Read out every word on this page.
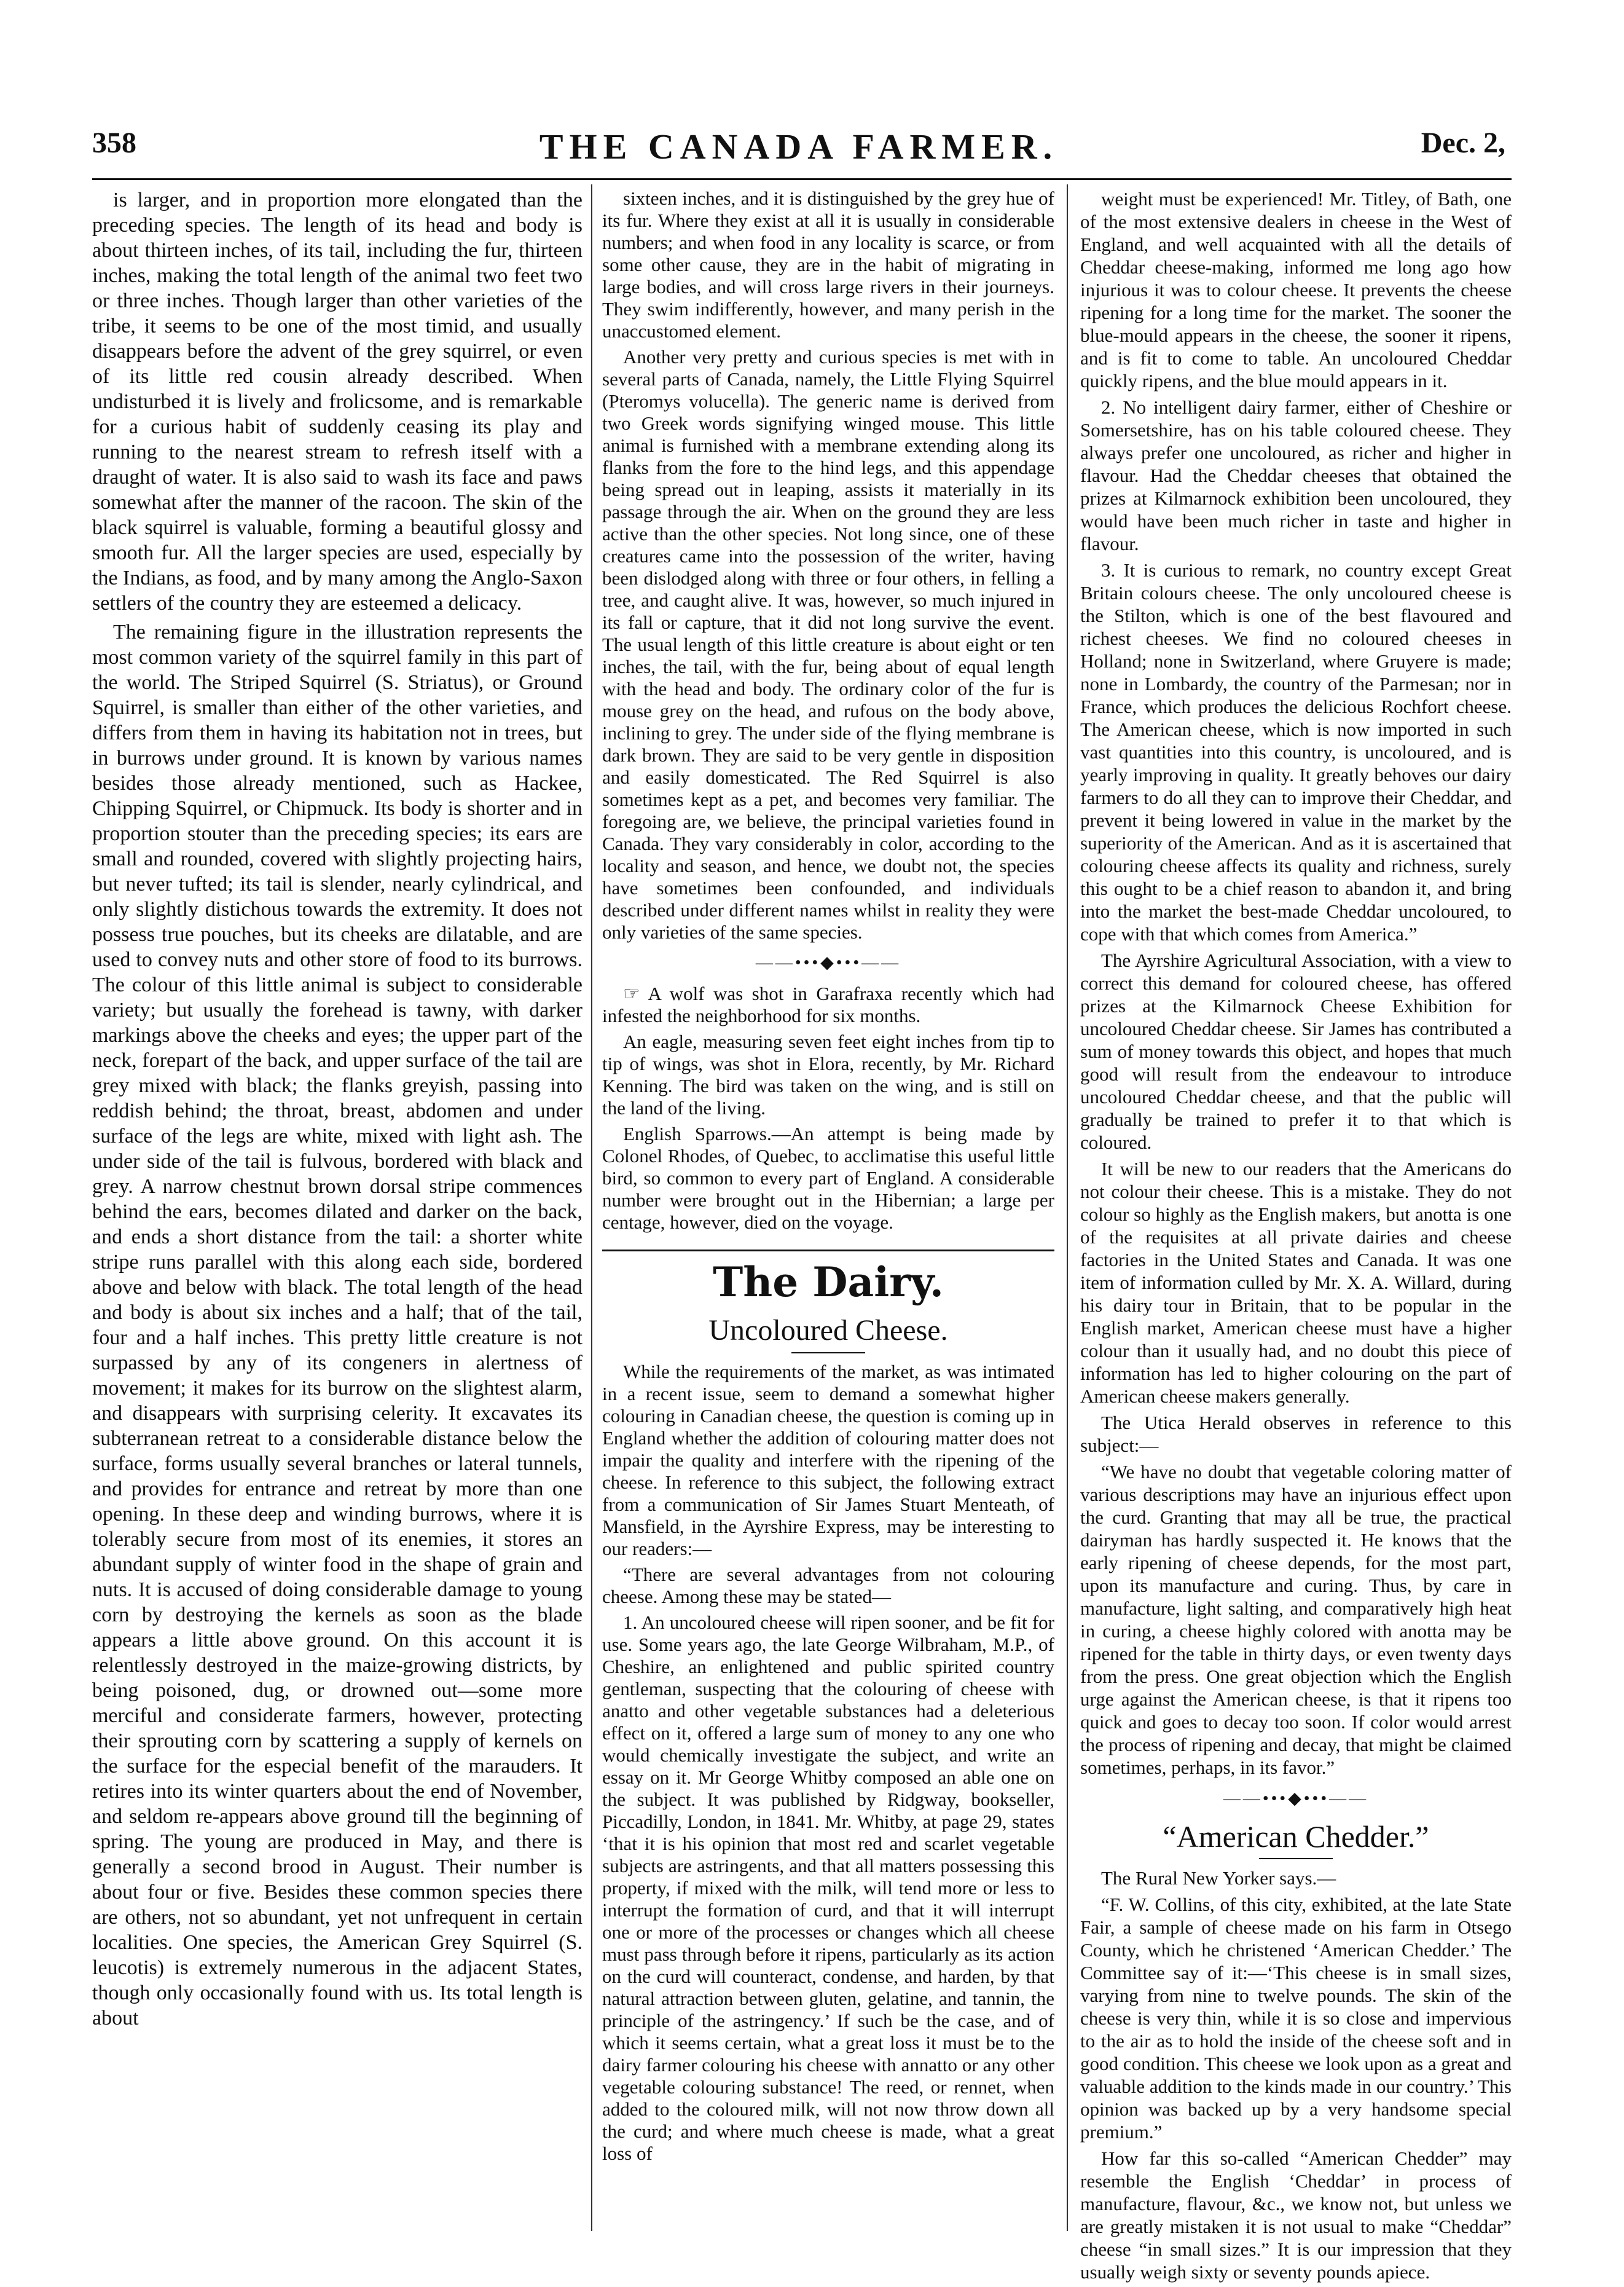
358	THE CANADA FARMER.	Dec. 2,

is larger, and in proportion more elongated than the preceding species. The length of its head and body is about thirteen inches, of its tail, including the fur, thirteen inches, making the total length of the animal two feet two or three inches. Though larger than other varieties of the tribe, it seems to be one of the most timid, and usually disappears before the advent of the grey squirrel, or even of its little red cousin already described. When undisturbed it is lively and frolicsome, and is remarkable for a curious habit of suddenly ceasing its play and running to the nearest stream to refresh itself with a draught of water. It is also said to wash its face and paws somewhat after the manner of the racoon. The skin of the black squirrel is valuable, forming a beautiful glossy and smooth fur. All the larger species are used, especially by the Indians, as food, and by many among the Anglo-Saxon settlers of the country they are esteemed a delicacy.

The remaining figure in the illustration represents the most common variety of the squirrel family in this part of the world. The Striped Squirrel (S. Striatus), or Ground Squirrel, is smaller than either of the other varieties, and differs from them in having its habitation not in trees, but in burrows under ground. It is known by various names besides those already mentioned, such as Hackee, Chipping Squirrel, or Chipmuck. Its body is shorter and in proportion stouter than the preceding species; its ears are small and rounded, covered with slightly projecting hairs, but never tufted; its tail is slender, nearly cylindrical, and only slightly distichous towards the extremity. It does not possess true pouches, but its cheeks are dilatable, and are used to convey nuts and other store of food to its burrows. The colour of this little animal is subject to considerable variety; but usually the forehead is tawny, with darker markings above the cheeks and eyes; the upper part of the neck, forepart of the back, and upper surface of the tail are grey mixed with black; the flanks greyish, passing into reddish behind; the throat, breast, abdomen and under surface of the legs are white, mixed with light ash. The under side of the tail is fulvous, bordered with black and grey. A narrow chestnut brown dorsal stripe commences behind the ears, becomes dilated and darker on the back, and ends a short distance from the tail: a shorter white stripe runs parallel with this along each side, bordered above and below with black. The total length of the head and body is about six inches and a half; that of the tail, four and a half inches. This pretty little creature is not surpassed by any of its congeners in alertness of movement; it makes for its burrow on the slightest alarm, and disappears with surprising celerity. It excavates its subterranean retreat to a considerable distance below the surface, forms usually several branches or lateral tunnels, and provides for entrance and retreat by more than one opening. In these deep and winding burrows, where it is tolerably secure from most of its enemies, it stores an abundant supply of winter food in the shape of grain and nuts. It is accused of doing considerable damage to young corn by destroying the kernels as soon as the blade appears a little above ground. On this account it is relentlessly destroyed in the maize-growing districts, by being poisoned, dug, or drowned out—some more merciful and considerate farmers, however, protecting their sprouting corn by scattering a supply of kernels on the surface for the especial benefit of the marauders. It retires into its winter quarters about the end of November, and seldom re-appears above ground till the beginning of spring. The young are produced in May, and there is generally a second brood in August. Their number is about four or five. Besides these common species there are others, not so abundant, yet not unfrequent in certain localities. One species, the American Grey Squirrel (S. leucotis) is extremely numerous in the adjacent States, though only occasionally found with us. Its total length is about

sixteen inches, and it is distinguished by the grey hue of its fur. Where they exist at all it is usually in considerable numbers; and when food in any locality is scarce, or from some other cause, they are in the habit of migrating in large bodies, and will cross large rivers in their journeys. They swim indifferently, however, and many perish in the unaccustomed element.

Another very pretty and curious species is met with in several parts of Canada, namely, the Little Flying Squirrel (Pteromys volucella). The generic name is derived from two Greek words signifying winged mouse. This little animal is furnished with a membrane extending along its flanks from the fore to the hind legs, and this appendage being spread out in leaping, assists it materially in its passage through the air. When on the ground they are less active than the other species. Not long since, one of these creatures came into the possession of the writer, having been dislodged along with three or four others, in felling a tree, and caught alive. It was, however, so much injured in its fall or capture, that it did not long survive the event. The usual length of this little creature is about eight or ten inches, the tail, with the fur, being about of equal length with the head and body. The ordinary color of the fur is mouse grey on the head, and rufous on the body above, inclining to grey. The under side of the flying membrane is dark brown. They are said to be very gentle in disposition and easily domesticated. The Red Squirrel is also sometimes kept as a pet, and becomes very familiar. The foregoing are, we believe, the principal varieties found in Canada. They vary considerably in color, according to the locality and season, and hence, we doubt not, the species have sometimes been confounded, and individuals described under different names whilst in reality they were only varieties of the same species.

——•••◆•••——

☞ A wolf was shot in Garafraxa recently which had infested the neighborhood for six months.

An eagle, measuring seven feet eight inches from tip to tip of wings, was shot in Elora, recently, by Mr. Richard Kenning. The bird was taken on the wing, and is still on the land of the living.

English Sparrows.—An attempt is being made by Colonel Rhodes, of Quebec, to acclimatise this useful little bird, so common to every part of England. A considerable number were brought out in the Hibernian; a large per centage, however, died on the voyage.

The Dairy.
Uncoloured Cheese.

While the requirements of the market, as was intimated in a recent issue, seem to demand a somewhat higher colouring in Canadian cheese, the question is coming up in England whether the addition of colouring matter does not impair the quality and interfere with the ripening of the cheese. In reference to this subject, the following extract from a communication of Sir James Stuart Menteath, of Mansfield, in the Ayrshire Express, may be interesting to our readers:—

“There are several advantages from not colouring cheese. Among these may be stated—

1. An uncoloured cheese will ripen sooner, and be fit for use. Some years ago, the late George Wilbraham, M.P., of Cheshire, an enlightened and public spirited country gentleman, suspecting that the colouring of cheese with anatto and other vegetable substances had a deleterious effect on it, offered a large sum of money to any one who would chemically investigate the subject, and write an essay on it. Mr George Whitby composed an able one on the subject. It was published by Ridgway, bookseller, Piccadilly, London, in 1841. Mr. Whitby, at page 29, states ‘that it is his opinion that most red and scarlet vegetable subjects are astringents, and that all matters possessing this property, if mixed with the milk, will tend more or less to interrupt the formation of curd, and that it will interrupt one or more of the processes or changes which all cheese must pass through before it ripens, particularly as its action on the curd will counteract, condense, and harden, by that natural attraction between gluten, gelatine, and tannin, the principle of the astringency.’ If such be the case, and of which it seems certain, what a great loss it must be to the dairy farmer colouring his cheese with annatto or any other vegetable colouring substance! The reed, or rennet, when added to the coloured milk, will not now throw down all the curd; and where much cheese is made, what a great loss of

weight must be experienced! Mr. Titley, of Bath, one of the most extensive dealers in cheese in the West of England, and well acquainted with all the details of Cheddar cheese-making, informed me long ago how injurious it was to colour cheese. It prevents the cheese ripening for a long time for the market. The sooner the blue-mould appears in the cheese, the sooner it ripens, and is fit to come to table. An uncoloured Cheddar quickly ripens, and the blue mould appears in it.

2. No intelligent dairy farmer, either of Cheshire or Somersetshire, has on his table coloured cheese. They always prefer one uncoloured, as richer and higher in flavour. Had the Cheddar cheeses that obtained the prizes at Kilmarnock exhibition been uncoloured, they would have been much richer in taste and higher in flavour.

3. It is curious to remark, no country except Great Britain colours cheese. The only uncoloured cheese is the Stilton, which is one of the best flavoured and richest cheeses. We find no coloured cheeses in Holland; none in Switzerland, where Gruyere is made; none in Lombardy, the country of the Parmesan; nor in France, which produces the delicious Rochfort cheese. The American cheese, which is now imported in such vast quantities into this country, is uncoloured, and is yearly improving in quality. It greatly behoves our dairy farmers to do all they can to improve their Cheddar, and prevent it being lowered in value in the market by the superiority of the American. And as it is ascertained that colouring cheese affects its quality and richness, surely this ought to be a chief reason to abandon it, and bring into the market the best-made Cheddar uncoloured, to cope with that which comes from America.”

The Ayrshire Agricultural Association, with a view to correct this demand for coloured cheese, has offered prizes at the Kilmarnock Cheese Exhibition for uncoloured Cheddar cheese. Sir James has contributed a sum of money towards this object, and hopes that much good will result from the endeavour to introduce uncoloured Cheddar cheese, and that the public will gradually be trained to prefer it to that which is coloured.

It will be new to our readers that the Americans do not colour their cheese. This is a mistake. They do not colour so highly as the English makers, but anotta is one of the requisites at all private dairies and cheese factories in the United States and Canada. It was one item of information culled by Mr. X. A. Willard, during his dairy tour in Britain, that to be popular in the English market, American cheese must have a higher colour than it usually had, and no doubt this piece of information has led to higher colouring on the part of American cheese makers generally.

The Utica Herald observes in reference to this subject:—

“We have no doubt that vegetable coloring matter of various descriptions may have an injurious effect upon the curd. Granting that may all be true, the practical dairyman has hardly suspected it. He knows that the early ripening of cheese depends, for the most part, upon its manufacture and curing. Thus, by care in manufacture, light salting, and comparatively high heat in curing, a cheese highly colored with anotta may be ripened for the table in thirty days, or even twenty days from the press. One great objection which the English urge against the American cheese, is that it ripens too quick and goes to decay too soon. If color would arrest the process of ripening and decay, that might be claimed sometimes, perhaps, in its favor.”

——•••◆•••——
“American Chedder.”

The Rural New Yorker says.—

“F. W. Collins, of this city, exhibited, at the late State Fair, a sample of cheese made on his farm in Otsego County, which he christened ‘American Chedder.’ The Committee say of it:—‘This cheese is in small sizes, varying from nine to twelve pounds. The skin of the cheese is very thin, while it is so close and impervious to the air as to hold the inside of the cheese soft and in good condition. This cheese we look upon as a great and valuable addition to the kinds made in our country.’ This opinion was backed up by a very handsome special premium.”

How far this so-called “American Chedder” may resemble the English ‘Cheddar’ in process of manufacture, flavour, &c., we know not, but unless we are greatly mistaken it is not usual to make “Cheddar” cheese “in small sizes.” It is our impression that they usually weigh sixty or seventy pounds apiece.
